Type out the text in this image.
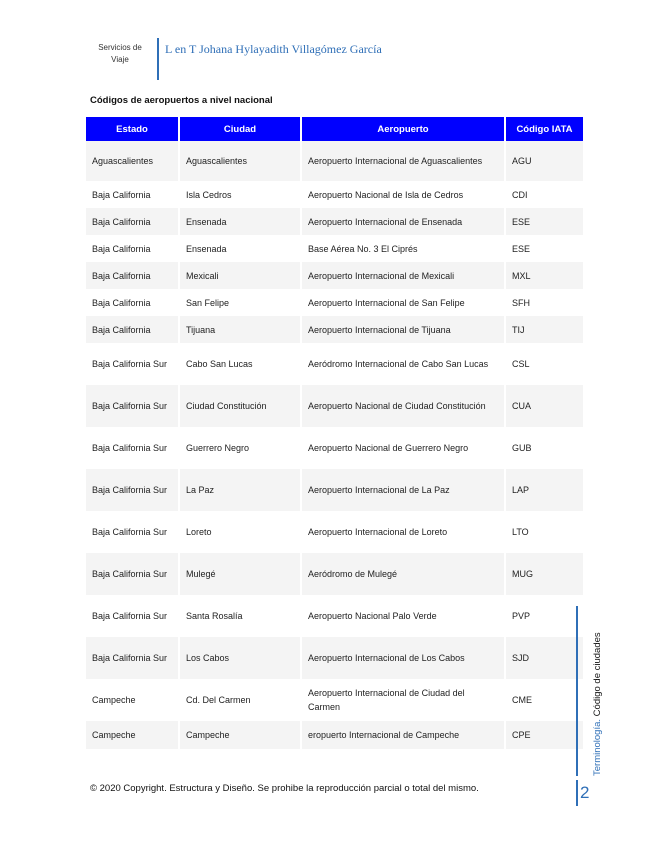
Servicios de
Viaje
L en T Johana Hylayadith Villagómez García
Códigos de aeropuertos a nivel nacional
Estado	Ciudad	Aeropuerto	Código IATA
Aguascalientes	Aguascalientes	Aeropuerto Internacional de Aguascalientes	AGU
Baja California	Isla Cedros	Aeropuerto Nacional de Isla de Cedros	CDI
Baja California	Ensenada	Aeropuerto Internacional de Ensenada	ESE
Baja California	Ensenada	Base Aérea No. 3 El Ciprés	ESE
Baja California	Mexicali	Aeropuerto Internacional de Mexicali	MXL
Baja California	San Felipe	Aeropuerto Internacional de San Felipe	SFH
Baja California	Tijuana	Aeropuerto Internacional de Tijuana	TIJ
Baja California Sur	Cabo San Lucas	Aeródromo Internacional de Cabo San Lucas	CSL
Baja California Sur	Ciudad Constitución	Aeropuerto Nacional de Ciudad Constitución	CUA
Baja California Sur	Guerrero Negro	Aeropuerto Nacional de Guerrero Negro	GUB
Baja California Sur	La Paz	Aeropuerto Internacional de La Paz	LAP
Baja California Sur	Loreto	Aeropuerto Internacional de Loreto	LTO
Baja California Sur	Mulegé	Aeródromo de Mulegé	MUG
Baja California Sur	Santa Rosalía	Aeropuerto Nacional Palo Verde	PVP
Baja California Sur	Los Cabos	Aeropuerto Internacional de Los Cabos	SJD
Campeche	Cd. Del Carmen	Aeropuerto Internacional de Ciudad del Carmen	CME
Campeche	Campeche	eropuerto Internacional de Campeche	CPE	Terminología. Código de ciudades
© 2020 Copyright. Estructura y Diseño. Se prohibe la reproducción parcial o total del mismo.	2
